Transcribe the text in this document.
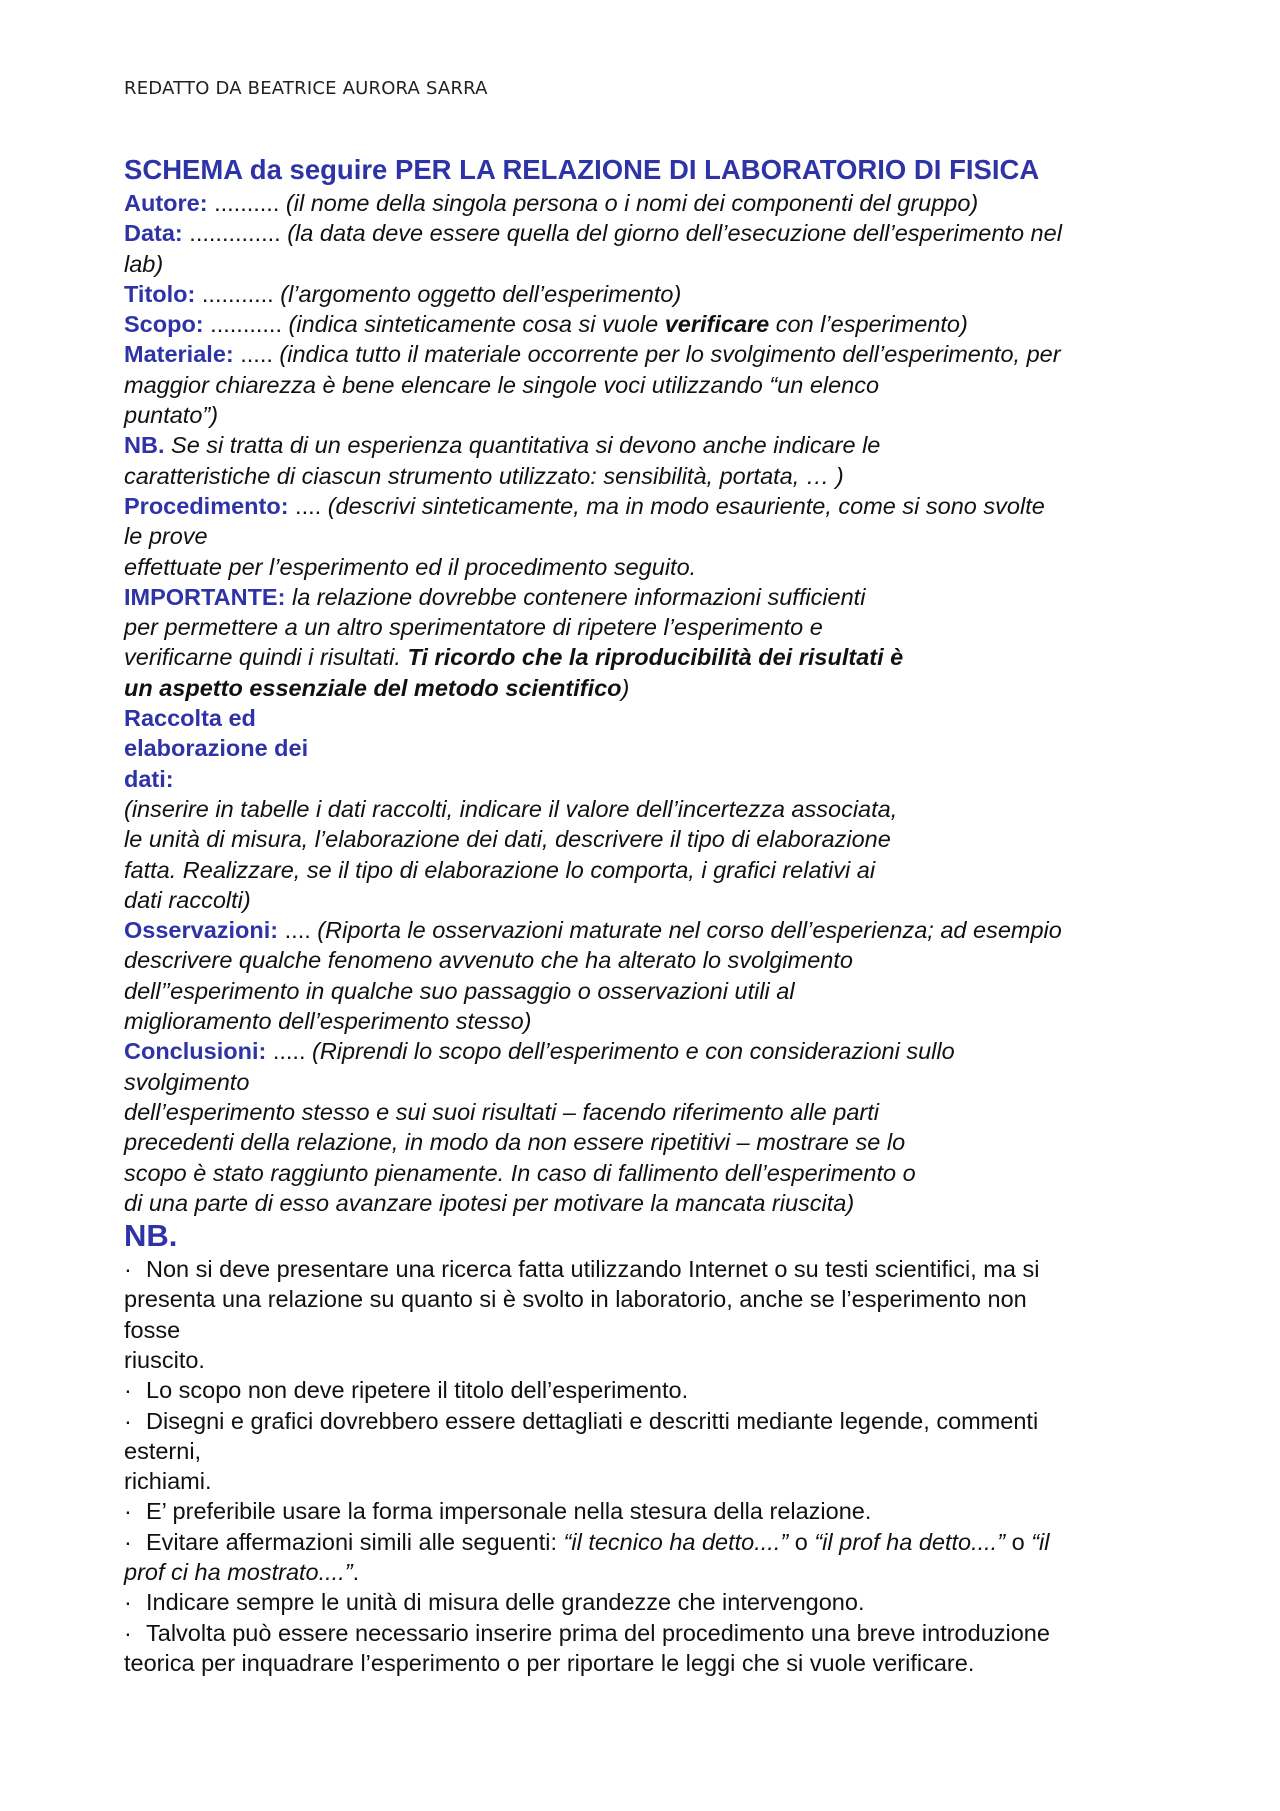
REDATTO DA BEATRICE AURORA SARRA
SCHEMA da seguire PER LA RELAZIONE DI LABORATORIO DI FISICA
Autore: .......... (il nome della singola persona o i nomi dei componenti del gruppo)
Data: .............. (la data deve essere quella del giorno dell’esecuzione dell’esperimento nel
lab)
Titolo: ........... (l’argomento oggetto dell’esperimento)
Scopo: ........... (indica sinteticamente cosa si vuole verificare con l’esperimento)
Materiale: ..... (indica tutto il materiale occorrente per lo svolgimento dell’esperimento, per
maggior chiarezza è bene elencare le singole voci utilizzando “un elenco
puntato”)
NB. Se si tratta di un esperienza quantitativa si devono anche indicare le
caratteristiche di ciascun strumento utilizzato: sensibilità, portata, … )
Procedimento: .... (descrivi sinteticamente, ma in modo esauriente, come si sono svolte
le prove
effettuate per l’esperimento ed il procedimento seguito.
IMPORTANTE: la relazione dovrebbe contenere informazioni sufficienti
per permettere a un altro sperimentatore di ripetere l’esperimento e
verificarne quindi i risultati. Ti ricordo che la riproducibilità dei risultati è
un aspetto essenziale del metodo scientifico)
Raccolta ed
elaborazione dei
dati:
(inserire in tabelle i dati raccolti, indicare il valore dell’incertezza associata,
le unità di misura, l’elaborazione dei dati, descrivere il tipo di elaborazione
fatta. Realizzare, se il tipo di elaborazione lo comporta, i grafici relativi ai
dati raccolti)
Osservazioni: .... (Riporta le osservazioni maturate nel corso dell’esperienza; ad esempio
descrivere qualche fenomeno avvenuto che ha alterato lo svolgimento
dell’’esperimento in qualche suo passaggio o osservazioni utili al
miglioramento dell’esperimento stesso)
Conclusioni: ..... (Riprendi lo scopo dell’esperimento e con considerazioni sullo
svolgimento
dell’esperimento stesso e sui suoi risultati – facendo riferimento alle parti
precedenti della relazione, in modo da non essere ripetitivi – mostrare se lo
scopo è stato raggiunto pienamente. In caso di fallimento dell’esperimento o
di una parte di esso avanzare ipotesi per motivare la mancata riuscita)
NB.
· Non si deve presentare una ricerca fatta utilizzando Internet o su testi scientifici, ma si
presenta una relazione su quanto si è svolto in laboratorio, anche se l’esperimento non
fosse
riuscito.
· Lo scopo non deve ripetere il titolo dell’esperimento.
· Disegni e grafici dovrebbero essere dettagliati e descritti mediante legende, commenti
esterni,
richiami.
· E’ preferibile usare la forma impersonale nella stesura della relazione.
· Evitare affermazioni simili alle seguenti: “il tecnico ha detto....” o “il prof ha detto....” o “il
prof ci ha mostrato....”.
· Indicare sempre le unità di misura delle grandezze che intervengono.
· Talvolta può essere necessario inserire prima del procedimento una breve introduzione
teorica per inquadrare l’esperimento o per riportare le leggi che si vuole verificare.
